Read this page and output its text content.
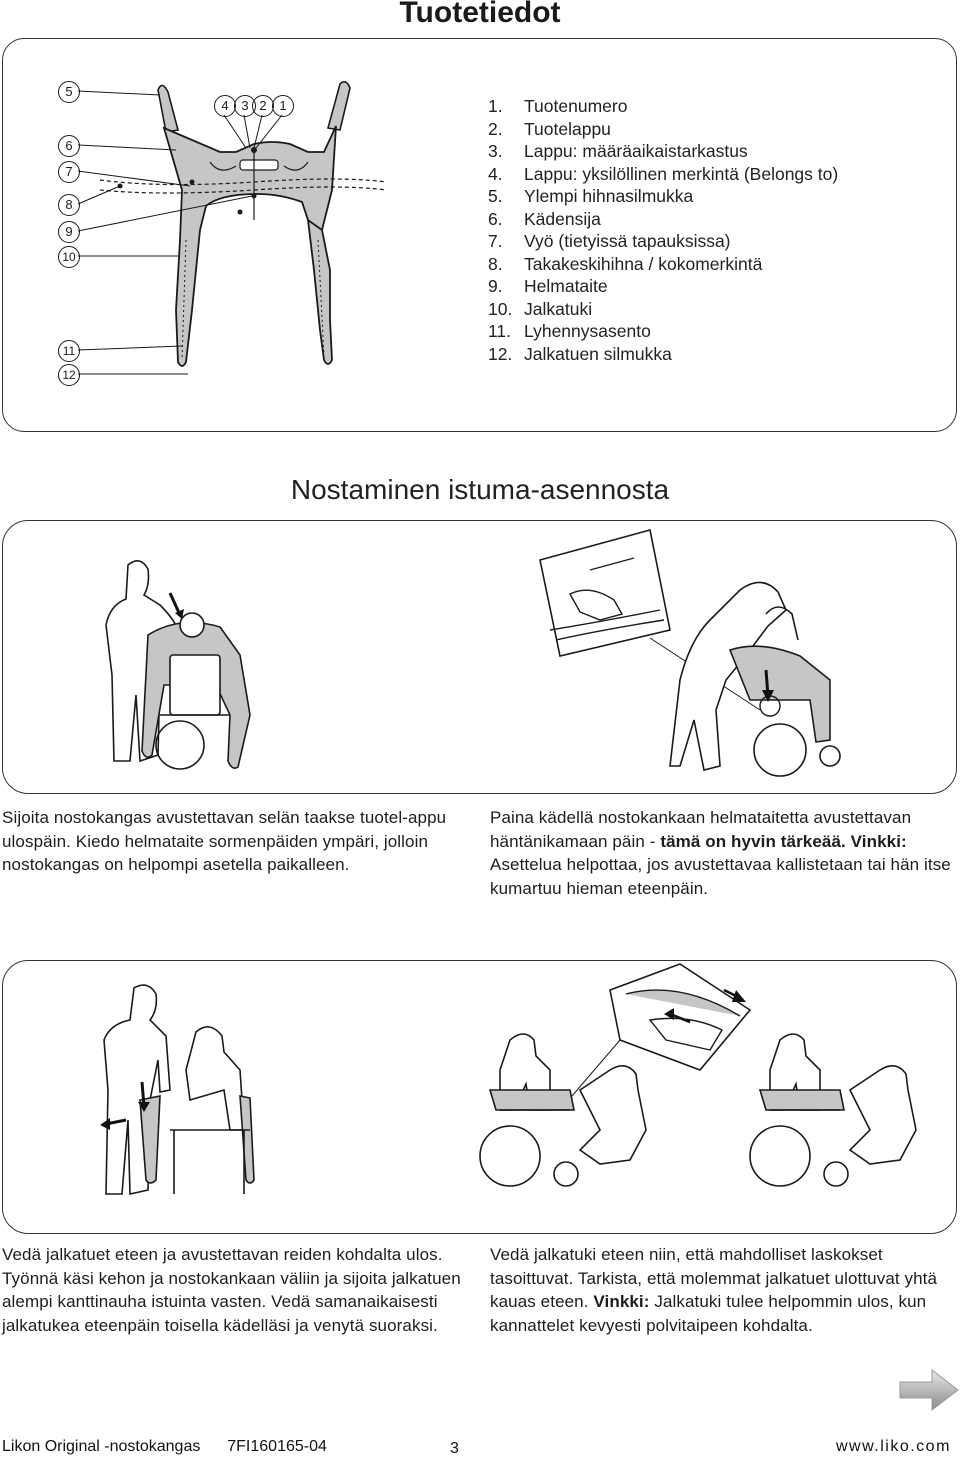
Tuotetiedot
5
6
7
8
9
10
11
12
4 3 2 1	1. Tuotenumero
2. Tuotelappu
3. Lappu: määräaikaistarkastus
4. Lappu: yksilöllinen merkintä (Belongs to)
5. Ylempi hihnasilmukka
6. Kädensija
7. Vyö (tietyissä tapauksissa)
8. Takakeskihihna / kokomerkintä
9. Helmataite
10. Jalkatuki
11. Lyhennysasento
12. Jalkatuen silmukka
Nostaminen istuma-asennosta
Sijoita nostokangas avustettavan selän taakse tuotel-appu ulospäin. Kiedo helmataite sormenpäiden ympäri, jolloin nostokangas on helpompi asetella paikalleen.
Paina kädellä nostokankaan helmataitetta avustettavan häntänikamaan päin - tämä on hyvin tärkeää. Vinkki: Asettelua helpottaa, jos avustettavaa kallistetaan tai hän itse kumartuu hieman eteenpäin.
Vedä jalkatuet eteen ja avustettavan reiden kohdalta ulos. Työnnä käsi kehon ja nostokankaan väliin ja sijoita jalkatuen alempi kanttinauha istuinta vasten. Vedä samanaikaisesti jalkatukea eteenpäin toisella kädelläsi ja venytä suoraksi.
Vedä jalkatuki eteen niin, että mahdolliset laskokset tasoittuvat. Tarkista, että molemmat jalkatuet ulottuvat yhtä kauas eteen. Vinkki: Jalkatuki tulee helpommin ulos, kun kannattelet kevyesti polvitaipeen kohdalta.
Likon Original -nostokangas 7FI160165-04	3	www.liko.com
